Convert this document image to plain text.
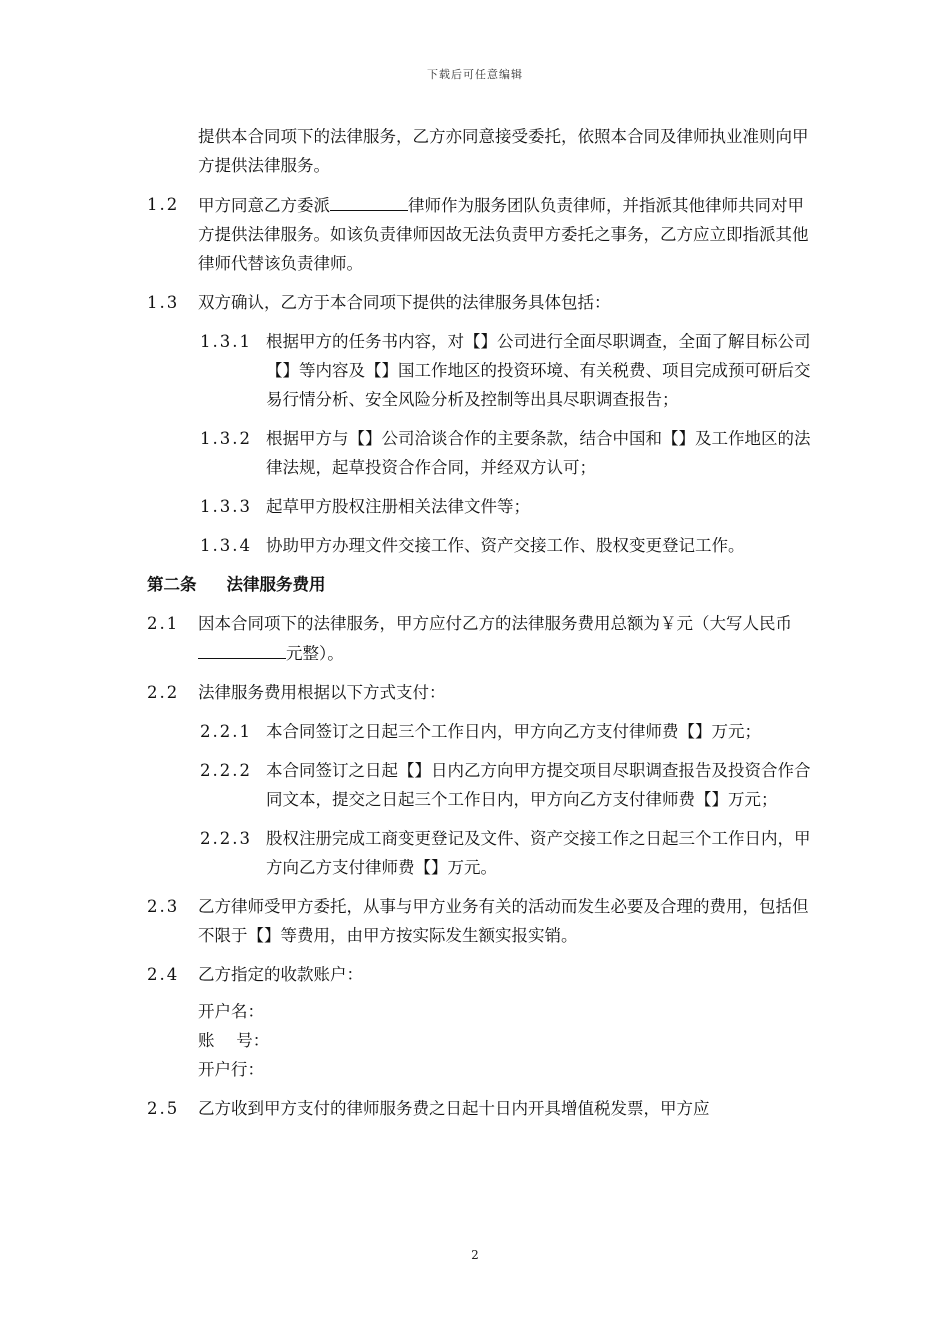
下载后可任意编辑
提供本合同项下的法律服务，乙方亦同意接受委托，依照本合同及律师执业准则向甲方提供法律服务。
1.2 甲方同意乙方委派	律师作为服务团队负责律师，并指派其他律师共同对甲方提供法律服务。如该负责律师因故无法负责甲方委托之事务，乙方应立即指派其他律师代替该负责律师。
1.3 双方确认，乙方于本合同项下提供的法律服务具体包括：
1.3.1 根据甲方的任务书内容，对【】公司进行全面尽职调查，全面了解目标公司【】等内容及【】国工作地区的投资环境、有关税费、项目完成预可研后交易行情分析、安全风险分析及控制等出具尽职调查报告；
1.3.2 根据甲方与【】公司洽谈合作的主要条款，结合中国和【】及工作地区的法律法规，起草投资合作合同，并经双方认可；
1.3.3 起草甲方股权注册相关法律文件等；
1.3.4 协助甲方办理文件交接工作、资产交接工作、股权变更登记工作。
第二条 法律服务费用
2.1 因本合同项下的法律服务，甲方应付乙方的法律服务费用总额为￥元（大写人民币元整）。
2.2 法律服务费用根据以下方式支付：
2.2.1 本合同签订之日起三个工作日内，甲方向乙方支付律师费【】万元；
2.2.2 本合同签订之日起【】日内乙方向甲方提交项目尽职调查报告及投资合作合同文本，提交之日起三个工作日内，甲方向乙方支付律师费【】万元；
2.2.3 股权注册完成工商变更登记及文件、资产交接工作之日起三个工作日内，甲方向乙方支付律师费【】万元。
2.3 乙方律师受甲方委托，从事与甲方业务有关的活动而发生必要及合理的费用，包括但不限于【】等费用，由甲方按实际发生额实报实销。
2.4 乙方指定的收款账户：
开户名：
账　 号：
开户行：
2.5 乙方收到甲方支付的律师服务费之日起十日内开具增值税发票，甲方应
2
